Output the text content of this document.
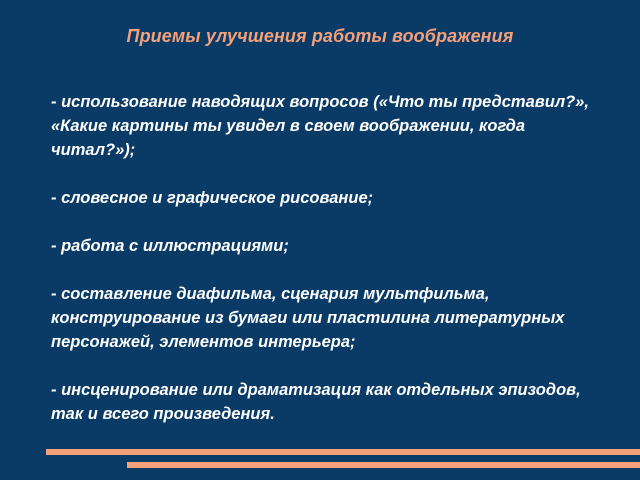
Приемы улучшения работы воображения

- использование наводящих вопросов («Что ты представил?», «Какие картины ты увидел в своем воображении, когда читал?»);

- словесное и графическое рисование;

- работа с иллюстрациями;

- составление диафильма, сценария мультфильма, конструирование из бумаги или пластилина литературных персонажей, элементов интерьера;

- инсценирование или драматизация как отдельных эпизодов, так и всего произведения.
